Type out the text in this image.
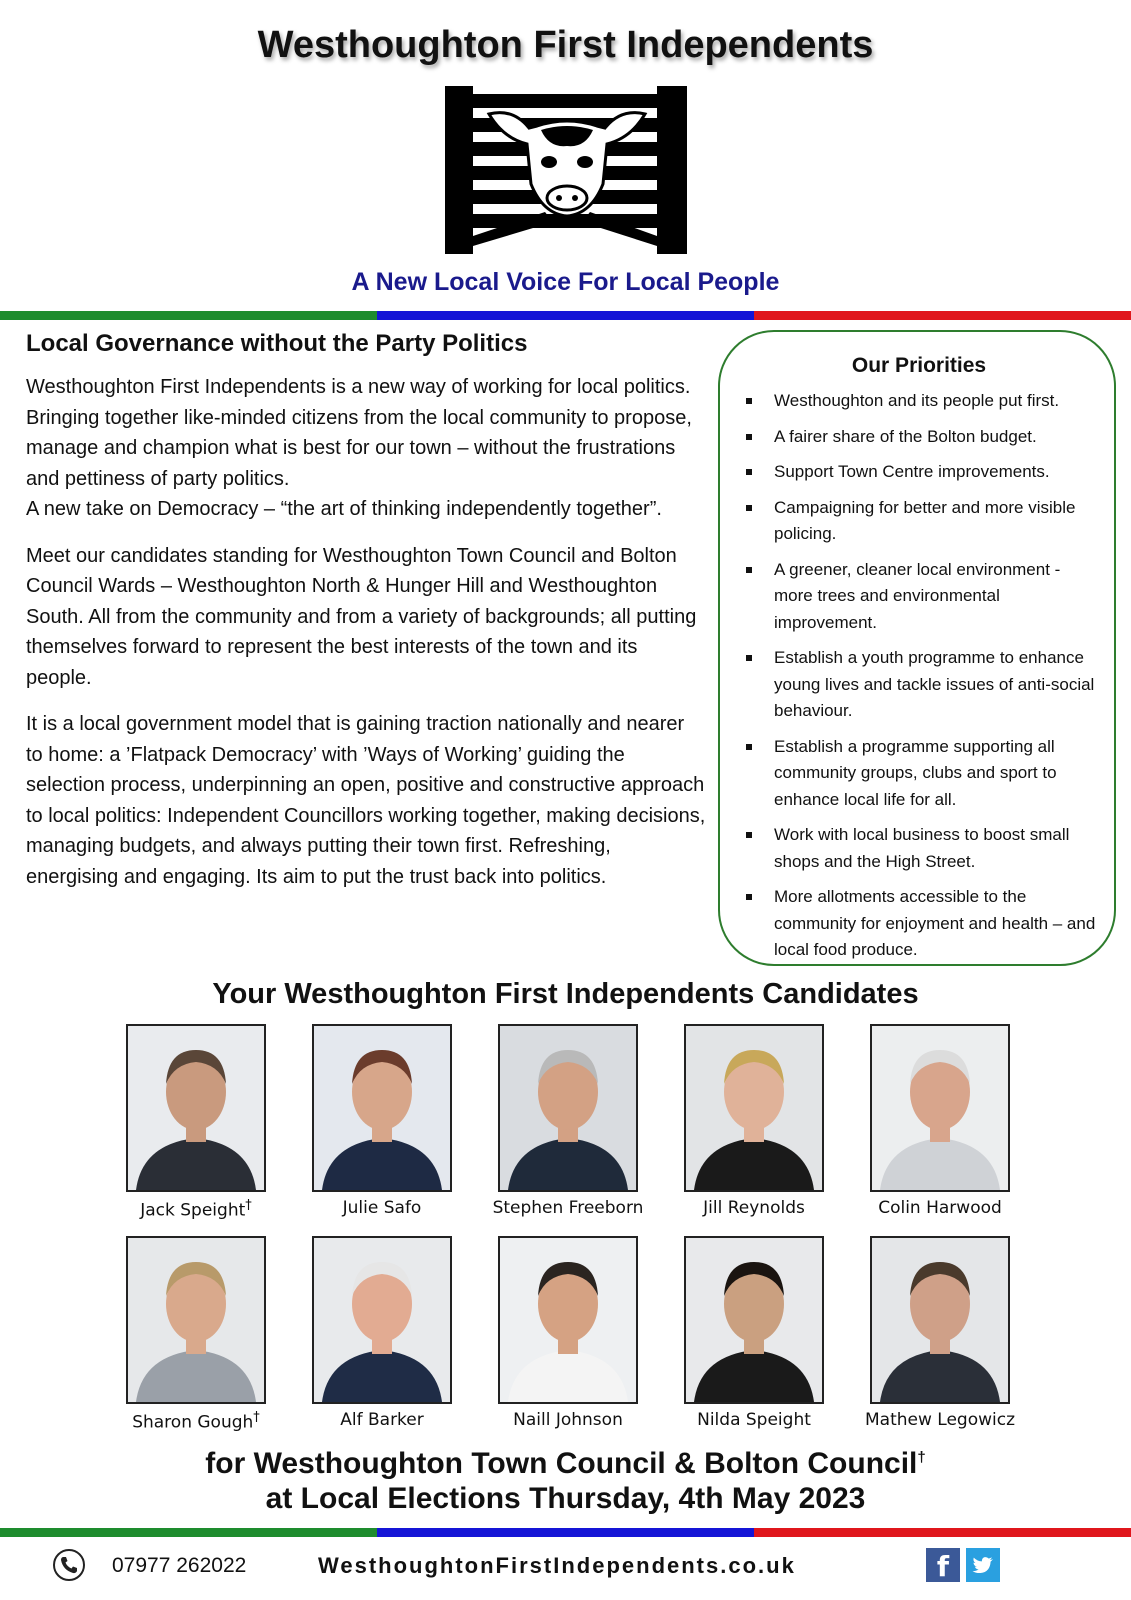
Westhoughton First Independents
A New Local Voice For Local People
Local Governance without the Party Politics

Westhoughton First Independents is a new way of working for local politics. Bringing together like-minded citizens from the local community to propose, manage and champion what is best for our town – without the frustrations and pettiness of party politics.
A new take on Democracy – “the art of thinking independently together”.

Meet our candidates standing for Westhoughton Town Council and Bolton Council Wards – Westhoughton North & Hunger Hill and Westhoughton South. All from the community and from a variety of backgrounds; all putting themselves forward to represent the best interests of the town and its people.

It is a local government model that is gaining traction nationally and nearer to home: a ’Flatpack Democracy’ with ’Ways of Working’ guiding the selection process, underpinning an open, positive and constructive approach to local politics: Independent Councillors working together, making decisions, managing budgets, and always putting their town first. Refreshing, energising and engaging. Its aim to put the trust back into politics.

Our Priorities
Westhoughton and its people put first.
A fairer share of the Bolton budget.
Support Town Centre improvements.
Campaigning for better and more visible policing.
A greener, cleaner local environment - more trees and environmental improvement.
Establish a youth programme to enhance young lives and tackle issues of anti-social behaviour.
Establish a programme supporting all community groups, clubs and sport to enhance local life for all.
Work with local business to boost small shops and the High Street.
More allotments accessible to the community for enjoyment and health – and local food produce.
Your Westhoughton First Independents Candidates
Jack Speight†	Julie Safo	Stephen Freeborn	Jill Reynolds	Colin Harwood
Sharon Gough†	Alf Barker	Naill Johnson	Nilda Speight	Mathew Legowicz
for Westhoughton Town Council & Bolton Council†
at Local Elections Thursday, 4th May 2023
07977 262022	WesthoughtonFirstIndependents.co.uk	f
